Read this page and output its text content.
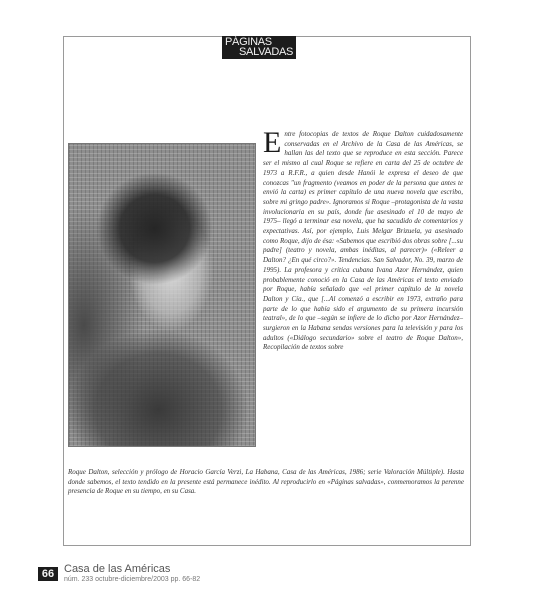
PÁGINAS
SALVADAS
Entre fotocopias de textos de Roque Dalton cuidadosamente conservadas en el Archivo de la Casa de las Américas, se hallan las del texto que se reproduce en esta sección. Parece ser el mismo al cual Roque se refiere en carta del 25 de octubre de 1973 a R.F.R., a quien desde Hanói le expresa el deseo de que conozcas "un fragmento (veamos en poder de la persona que antes te envió la carta) es primer capítulo de una nueva novela que escribo, sobre mi gringo padre». Ignoramos si Roque –protagonista de la vasta involucionaria en su país, donde fue asesinado el 10 de mayo de 1975– llegó a terminar esa novela, que ha sacudido de comentarios y expectativas. Así, por ejemplo, Luis Melgar Brizuela, ya asesinado como Roque, dijo de ésa: «Sabemos que escribió dos obras sobre [...su padre] (teatro y novela, ambas inéditas, al parecer)» («Releer a Dalton? ¿En qué circo?». Tendencias. San Salvador, No. 39, marzo de 1995). La profesora y crítica cubana Ivana Azor Hernández, quien probablemente conoció en la Casa de las Américas el texto enviado por Roque, había señalado que «el primer capítulo de la novela Dalton y Cía., que [...Al comenzó a escribir en 1973, extraño para parte de lo que había sido el argumento de su primera incursión teatral», de lo que –según se infiere de lo dicho por Azor Hernández– surgieron en la Habana sendas versiones para la televisión y para los adultos («Diálogo secundario» sobre el teatro de Roque Dalton», Recopilación de textos sobre
Roque Dalton, selección y prólogo de Horacio García Verzi, La Habana, Casa de las Américas, 1986; serie Valoración Múltiple). Hasta donde sabemos, el texto tendido en la presente está permanece inédito. Al reproducirlo en «Páginas salvadas», conmemoramos la perenne presencia de Roque en su tiempo, en su Casa.
66 Casa de las Américas
núm. 233 octubre-diciembre/2003 pp. 66-82
